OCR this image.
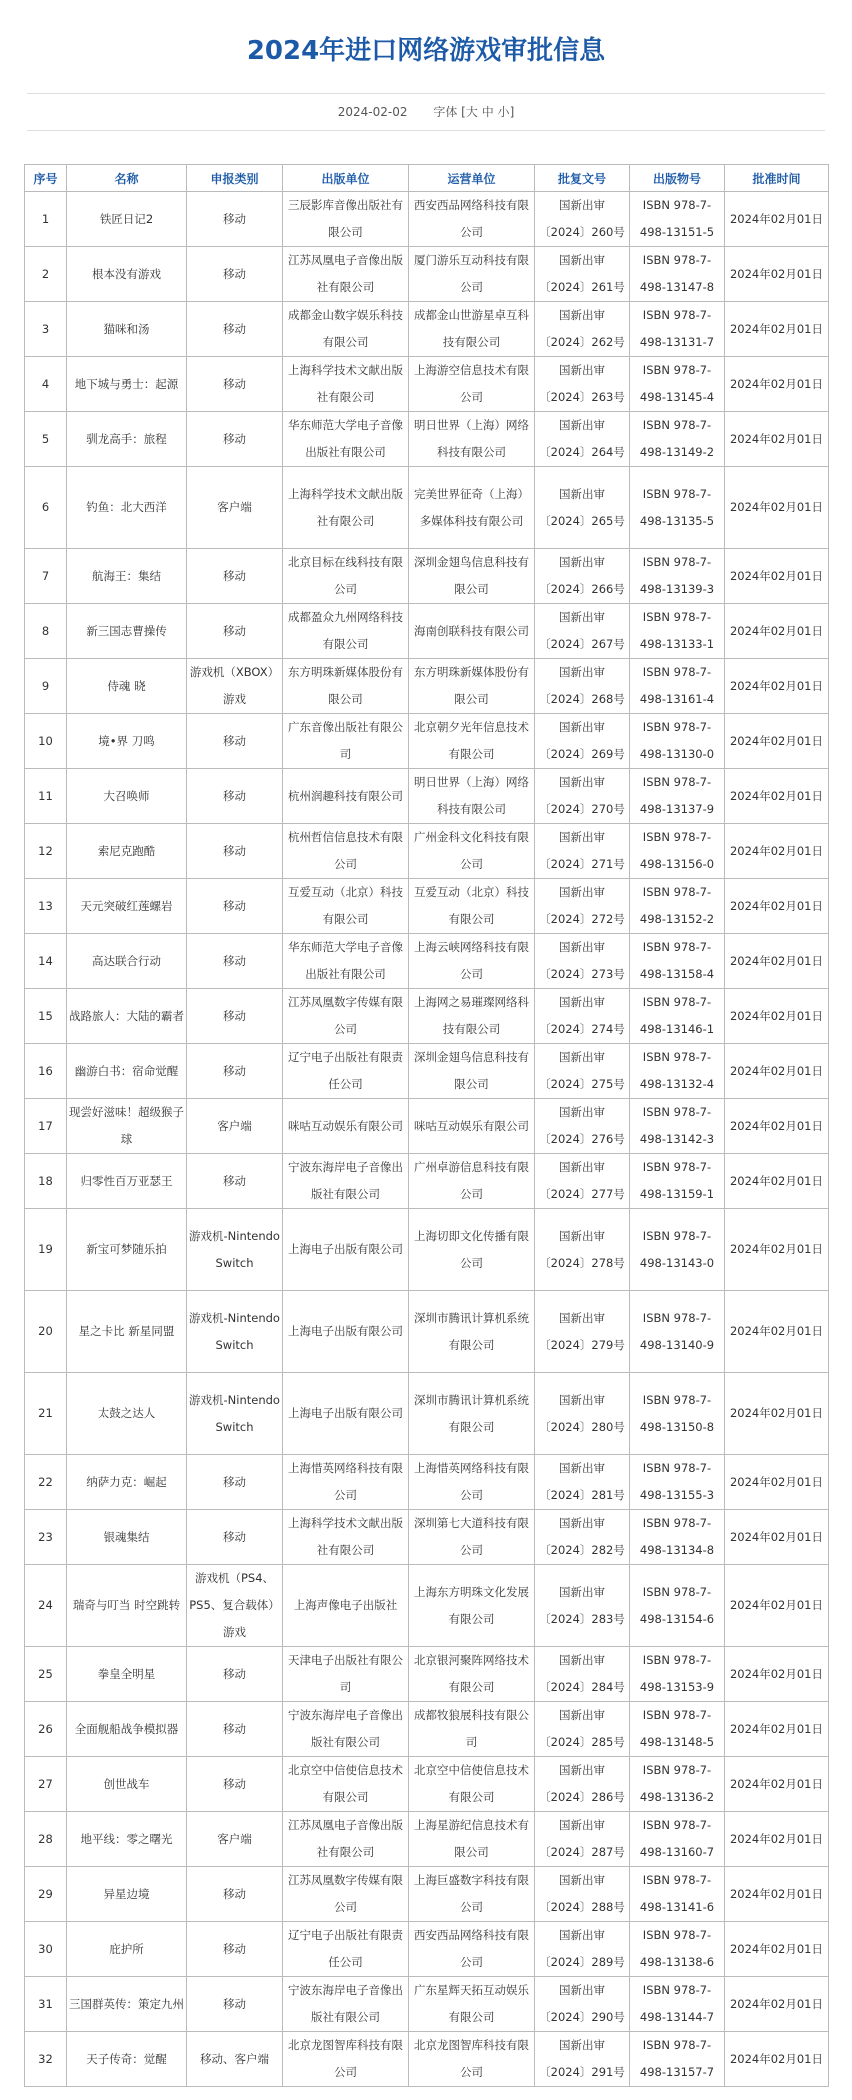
2024年进口网络游戏审批信息
2024-02-02 字体 [大 中 小]
序号	名称	申报类别	出版单位	运营单位	批复文号	出版物号	批准时间
1	铁匠日记2	移动	三辰影库音像出版社有限公司	西安西品网络科技有限公司	国新出审〔2024〕260号	ISBN 978-7-498-13151-5	2024年02月01日
2	根本没有游戏	移动	江苏凤凰电子音像出版社有限公司	厦门游乐互动科技有限公司	国新出审〔2024〕261号	ISBN 978-7-498-13147-8	2024年02月01日
3	猫咪和汤	移动	成都金山数字娱乐科技有限公司	成都金山世游星卓互科技有限公司	国新出审〔2024〕262号	ISBN 978-7-498-13131-7	2024年02月01日
4	地下城与勇士：起源	移动	上海科学技术文献出版社有限公司	上海游空信息技术有限公司	国新出审〔2024〕263号	ISBN 978-7-498-13145-4	2024年02月01日
5	驯龙高手：旅程	移动	华东师范大学电子音像出版社有限公司	明日世界（上海）网络科技有限公司	国新出审〔2024〕264号	ISBN 978-7-498-13149-2	2024年02月01日
6	钓鱼：北大西洋	客户端	上海科学技术文献出版社有限公司	完美世界征奇（上海）多媒体科技有限公司	国新出审〔2024〕265号	ISBN 978-7-498-13135-5	2024年02月01日
7	航海王：集结	移动	北京目标在线科技有限公司	深圳金翅鸟信息科技有限公司	国新出审〔2024〕266号	ISBN 978-7-498-13139-3	2024年02月01日
8	新三国志曹操传	移动	成都盈众九州网络科技有限公司	海南创联科技有限公司	国新出审〔2024〕267号	ISBN 978-7-498-13133-1	2024年02月01日
9	侍魂 晓	游戏机（XBOX）游戏	东方明珠新媒体股份有限公司	东方明珠新媒体股份有限公司	国新出审〔2024〕268号	ISBN 978-7-498-13161-4	2024年02月01日
10	境•界 刀鸣	移动	广东音像出版社有限公司	北京朝夕光年信息技术有限公司	国新出审〔2024〕269号	ISBN 978-7-498-13130-0	2024年02月01日
11	大召唤师	移动	杭州润趣科技有限公司	明日世界（上海）网络科技有限公司	国新出审〔2024〕270号	ISBN 978-7-498-13137-9	2024年02月01日
12	索尼克跑酷	移动	杭州哲信信息技术有限公司	广州金科文化科技有限公司	国新出审〔2024〕271号	ISBN 978-7-498-13156-0	2024年02月01日
13	天元突破红莲螺岩	移动	互爱互动（北京）科技有限公司	互爱互动（北京）科技有限公司	国新出审〔2024〕272号	ISBN 978-7-498-13152-2	2024年02月01日
14	高达联合行动	移动	华东师范大学电子音像出版社有限公司	上海云峡网络科技有限公司	国新出审〔2024〕273号	ISBN 978-7-498-13158-4	2024年02月01日
15	战路旅人：大陆的霸者	移动	江苏凤凰数字传媒有限公司	上海网之易璀璨网络科技有限公司	国新出审〔2024〕274号	ISBN 978-7-498-13146-1	2024年02月01日
16	幽游白书：宿命觉醒	移动	辽宁电子出版社有限责任公司	深圳金翅鸟信息科技有限公司	国新出审〔2024〕275号	ISBN 978-7-498-13132-4	2024年02月01日
17	现尝好滋味！超级猴子球	客户端	咪咕互动娱乐有限公司	咪咕互动娱乐有限公司	国新出审〔2024〕276号	ISBN 978-7-498-13142-3	2024年02月01日
18	归零性百万亚瑟王	移动	宁波东海岸电子音像出版社有限公司	广州卓游信息科技有限公司	国新出审〔2024〕277号	ISBN 978-7-498-13159-1	2024年02月01日
19	新宝可梦随乐拍	游戏机-Nintendo Switch	上海电子出版有限公司	上海切即文化传播有限公司	国新出审〔2024〕278号	ISBN 978-7-498-13143-0	2024年02月01日
20	星之卡比 新星同盟	游戏机-Nintendo Switch	上海电子出版有限公司	深圳市腾讯计算机系统有限公司	国新出审〔2024〕279号	ISBN 978-7-498-13140-9	2024年02月01日
21	太鼓之达人	游戏机-Nintendo Switch	上海电子出版有限公司	深圳市腾讯计算机系统有限公司	国新出审〔2024〕280号	ISBN 978-7-498-13150-8	2024年02月01日
22	纳萨力克：崛起	移动	上海惜英网络科技有限公司	上海惜英网络科技有限公司	国新出审〔2024〕281号	ISBN 978-7-498-13155-3	2024年02月01日
23	银魂集结	移动	上海科学技术文献出版社有限公司	深圳第七大道科技有限公司	国新出审〔2024〕282号	ISBN 978-7-498-13134-8	2024年02月01日
24	瑞奇与叮当 时空跳转	游戏机（PS4、PS5、复合载体）游戏	上海声像电子出版社	上海东方明珠文化发展有限公司	国新出审〔2024〕283号	ISBN 978-7-498-13154-6	2024年02月01日
25	拳皇全明星	移动	天津电子出版社有限公司	北京银河聚阵网络技术有限公司	国新出审〔2024〕284号	ISBN 978-7-498-13153-9	2024年02月01日
26	全面舰船战争模拟器	移动	宁波东海岸电子音像出版社有限公司	成都牧狼展科技有限公司	国新出审〔2024〕285号	ISBN 978-7-498-13148-5	2024年02月01日
27	创世战车	移动	北京空中信使信息技术有限公司	北京空中信使信息技术有限公司	国新出审〔2024〕286号	ISBN 978-7-498-13136-2	2024年02月01日
28	地平线：零之曙光	客户端	江苏凤凰电子音像出版社有限公司	上海星游纪信息技术有限公司	国新出审〔2024〕287号	ISBN 978-7-498-13160-7	2024年02月01日
29	异星边境	移动	江苏凤凰数字传媒有限公司	上海巨盛数字科技有限公司	国新出审〔2024〕288号	ISBN 978-7-498-13141-6	2024年02月01日
30	庇护所	移动	辽宁电子出版社有限责任公司	西安西品网络科技有限公司	国新出审〔2024〕289号	ISBN 978-7-498-13138-6	2024年02月01日
31	三国群英传：策定九州	移动	宁波东海岸电子音像出版社有限公司	广东星辉天拓互动娱乐有限公司	国新出审〔2024〕290号	ISBN 978-7-498-13144-7	2024年02月01日
32	天子传奇：觉醒	移动、客户端	北京龙图智库科技有限公司	北京龙图智库科技有限公司	国新出审〔2024〕291号	ISBN 978-7-498-13157-7	2024年02月01日
